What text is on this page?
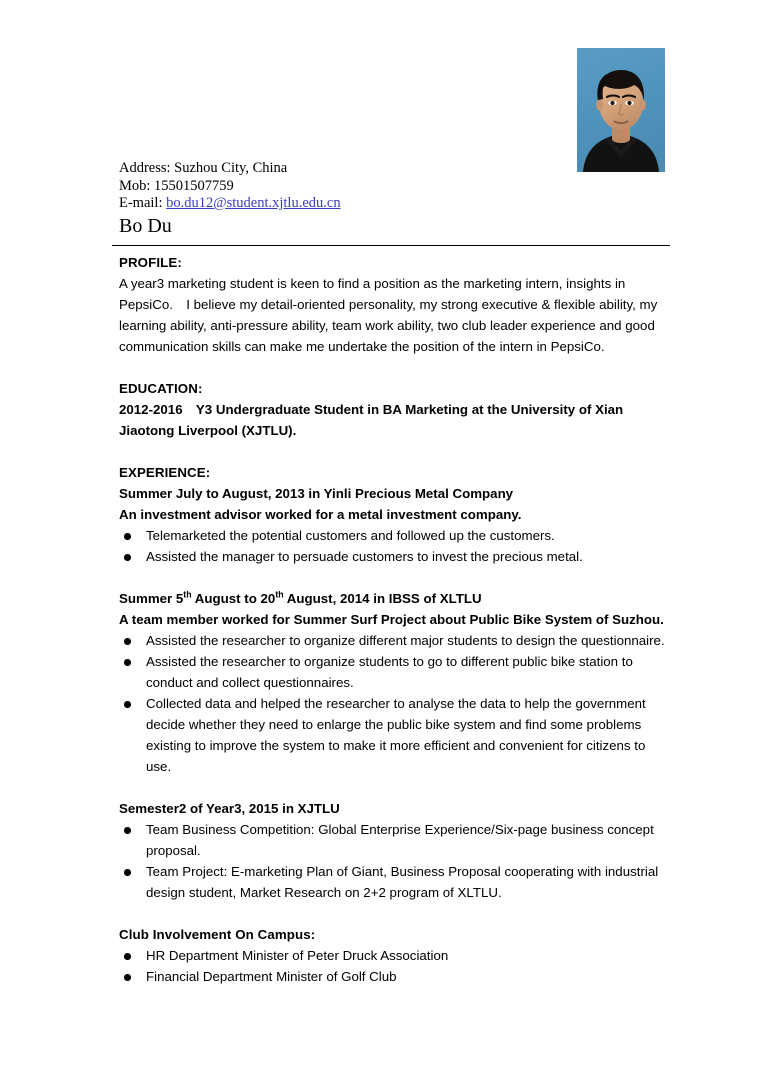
Address: Suzhou City, China
Mob: 15501507759
E-mail: bo.du12@student.xjtlu.edu.cn
Bo Du
PROFILE:
A year3 marketing student is keen to find a position as the marketing intern, insights in PepsiCo. I believe my detail-oriented personality, my strong executive & flexible ability, my learning ability, anti-pressure ability, team work ability, two club leader experience and good communication skills can make me undertake the position of the intern in PepsiCo.
EDUCATION:
2012-2016 Y3 Undergraduate Student in BA Marketing at the University of Xian Jiaotong Liverpool (XJTLU).
EXPERIENCE:
Summer July to August, 2013 in Yinli Precious Metal Company
An investment advisor worked for a metal investment company.
Telemarketed the potential customers and followed up the customers.
Assisted the manager to persuade customers to invest the precious metal.
Summer 5th August to 20th August, 2014 in IBSS of XLTLU
A team member worked for Summer Surf Project about Public Bike System of Suzhou.
Assisted the researcher to organize different major students to design the questionnaire.
Assisted the researcher to organize students to go to different public bike station to conduct and collect questionnaires.
Collected data and helped the researcher to analyse the data to help the government decide whether they need to enlarge the public bike system and find some problems existing to improve the system to make it more efficient and convenient for citizens to use.
Semester2 of Year3, 2015 in XJTLU
Team Business Competition: Global Enterprise Experience/Six-page business concept proposal.
Team Project: E-marketing Plan of Giant, Business Proposal cooperating with industrial design student, Market Research on 2+2 program of XLTLU.
Club Involvement On Campus:
HR Department Minister of Peter Druck Association
Financial Department Minister of Golf Club
